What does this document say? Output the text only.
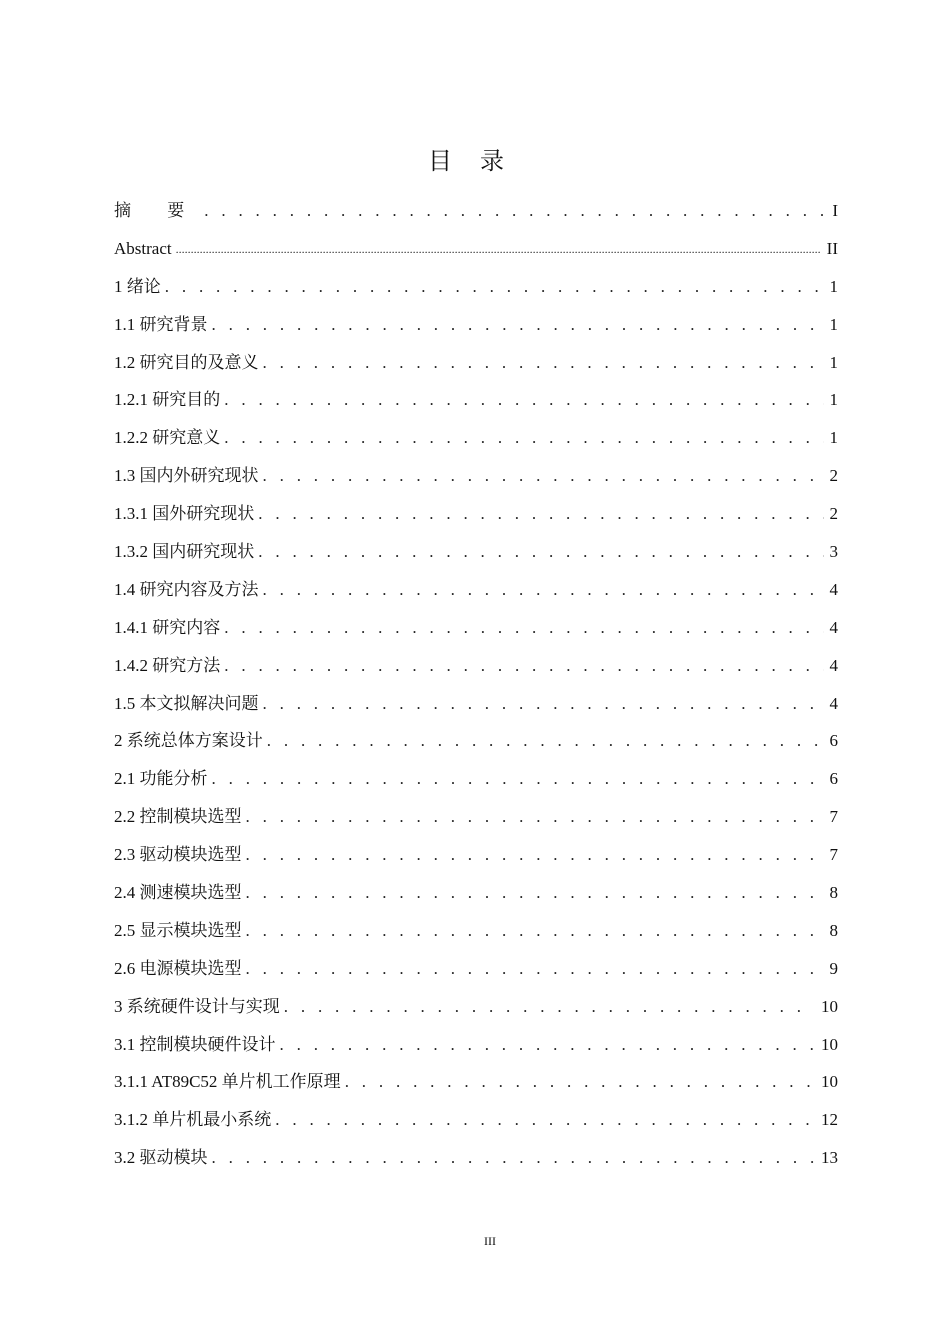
目录
摘 要 . . .	I
Abstract .....	II
1 绪论 . . .	1
1.1 研究背景 . . .	1
1.2 研究目的及意义 . . .	1
1.2.1 研究目的 . . .	1
1.2.2 研究意义 . . .	1
1.3 国内外研究现状 . . .	2
1.3.1 国外研究现状 . . .	2
1.3.2 国内研究现状 . . .	3
1.4 研究内容及方法 . . .	4
1.4.1 研究内容 . . .	4
1.4.2 研究方法 . . .	4
1.5 本文拟解决问题 . . .	4
2 系统总体方案设计 . . .	6
2.1 功能分析 . . .	6
2.2 控制模块选型 . . .	7
2.3 驱动模块选型 . . .	7
2.4 测速模块选型 . . .	8
2.5 显示模块选型 . . .	8
2.6 电源模块选型 . . .	9
3 系统硬件设计与实现 . . .	10
3.1 控制模块硬件设计 . . .	10
3.1.1 AT89C52 单片机工作原理 . . .	10
3.1.2 单片机最小系统 . . .	12
3.2 驱动模块 . . .	13

III
